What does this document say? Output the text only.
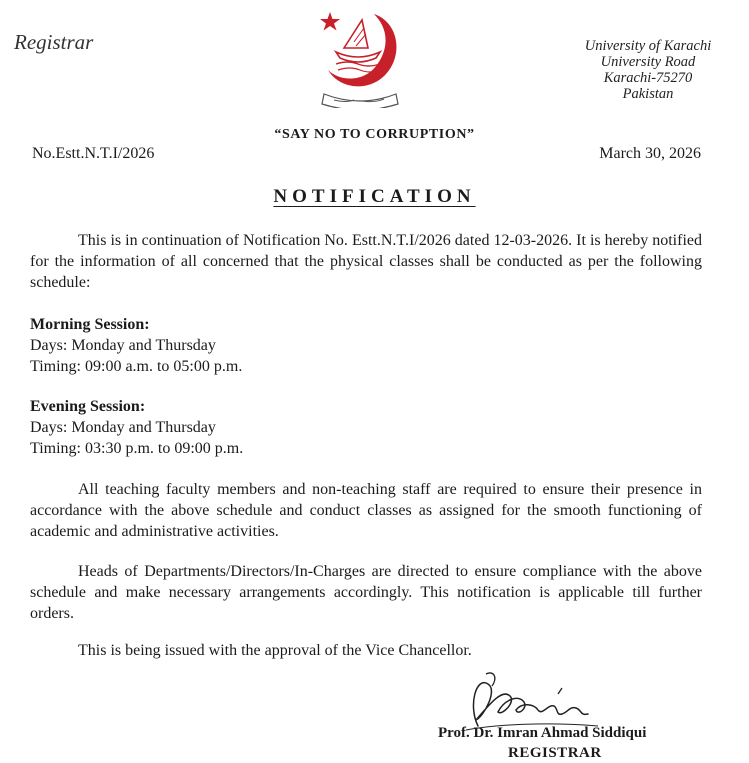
Registrar	University of Karachi
University Road
Karachi-75270
Pakistan
“SAY NO TO CORRUPTION”
No.Estt.N.T.I/2026	March 30, 2026
NOTIFICATION
This is in continuation of Notification No. Estt.N.T.I/2026 dated 12-03-2026. It is hereby notified for the information of all concerned that the physical classes shall be conducted as per the following schedule:
Morning Session:
Days: Monday and Thursday
Timing: 09:00 a.m. to 05:00 p.m.
Evening Session:
Days: Monday and Thursday
Timing: 03:30 p.m. to 09:00 p.m.
All teaching faculty members and non-teaching staff are required to ensure their presence in accordance with the above schedule and conduct classes as assigned for the smooth functioning of academic and administrative activities.
Heads of Departments/Directors/In-Charges are directed to ensure compliance with the above schedule and make necessary arrangements accordingly. This notification is applicable till further orders.
This is being issued with the approval of the Vice Chancellor.
Prof. Dr. Imran Ahmad Siddiqui
REGISTRAR
